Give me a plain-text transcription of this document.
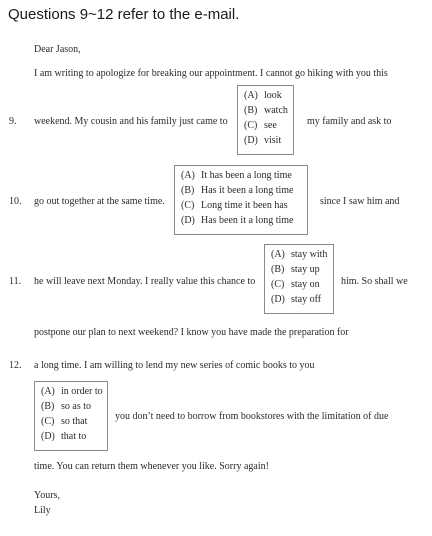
Questions 9~12 refer to the e-mail.
Dear Jason,
I am writing to apologize for breaking our appointment. I cannot go hiking with you this
9. weekend. My cousin and his family just came to
(A) look
(B) watch
(C) see
(D) visit
my family and ask to
10. go out together at the same time.
(A) It has been a long time
(B) Has it been a long time
(C) Long time it been has
(D) Has been it a long time
since I saw him and
11. he will leave next Monday. I really value this chance to
(A) stay with
(B) stay up
(C) stay on
(D) stay off
him. So shall we
postpone our plan to next weekend? I know you have made the preparation for
12. a long time. I am willing to lend my new series of comic books to you
(A) in order to
(B) so as to
(C) so that
(D) that to
you don’t need to borrow from bookstores with the limitation of due
time. You can return them whenever you like. Sorry again!
Yours,
Lily
